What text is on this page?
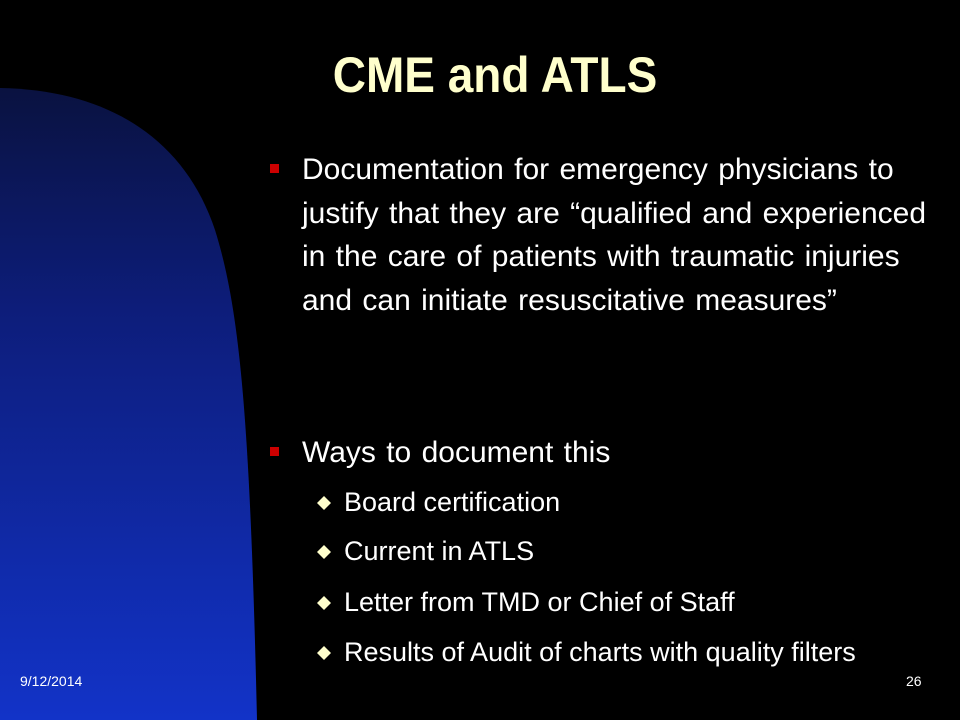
CME and ATLS
Documentation for emergency physicians to justify that they are “qualified and experienced in the care of patients with traumatic injuries and can initiate resuscitative measures”
Ways to document this
Board certification
Current in ATLS
Letter from TMD or Chief of Staff
Results of Audit of charts with quality filters
9/12/2014	26
